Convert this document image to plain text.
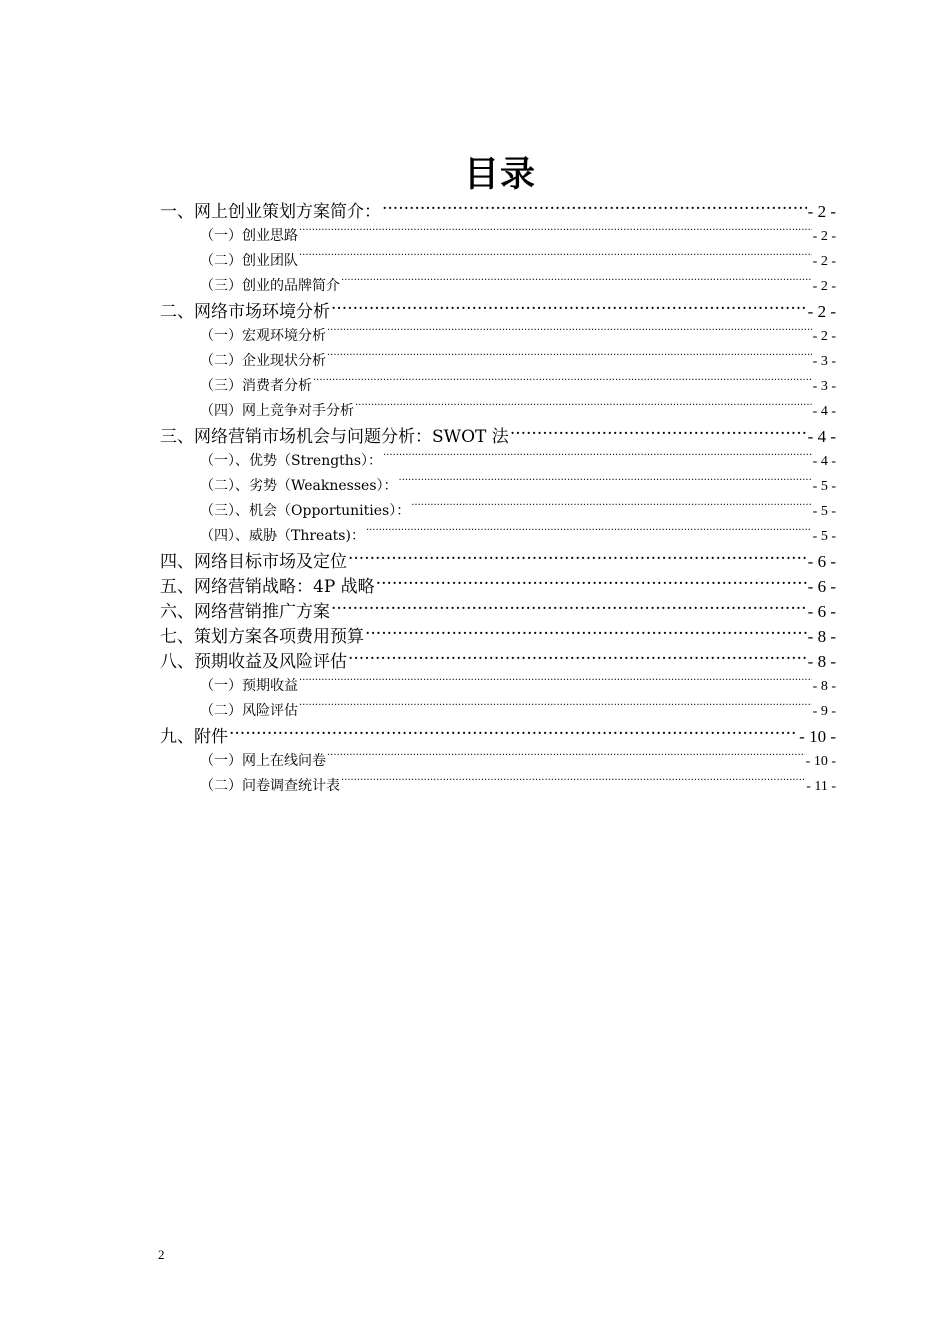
目录
一、网上创业策划方案简介： .....	- 2 -
（一）创业思路 .....	- 2 -
（二）创业团队 .....	- 2 -
（三）创业的品牌简介 .....	- 2 -
二、网络市场环境分析 .....	- 2 -
（一）宏观环境分析 .....	- 2 -
（二）企业现状分析 .....	- 3 -
（三）消费者分析 .....	- 3 -
（四）网上竞争对手分析 .....	- 4 -
三、网络营销市场机会与问题分析：SWOT 法 .....	- 4 -
（一）、优势（Strengths）： .....	- 4 -
（二）、劣势（Weaknesses）： .....	- 5 -
（三）、机会（Opportunities）： .....	- 5 -
（四）、威胁（Threats)： .....	- 5 -
四、网络目标市场及定位 .....	- 6 -
五、网络营销战略：4P 战略 .....	- 6 -
六、网络营销推广方案 .....	- 6 -
七、策划方案各项费用预算 .....	- 8 -
八、预期收益及风险评估 .....	- 8 -
（一）预期收益 .....	- 8 -
（二）风险评估 .....	- 9 -
九、附件 .....	- 10 -
（一）网上在线问卷 .....	- 10 -
（二）问卷调查统计表 .....	- 11 -
2
